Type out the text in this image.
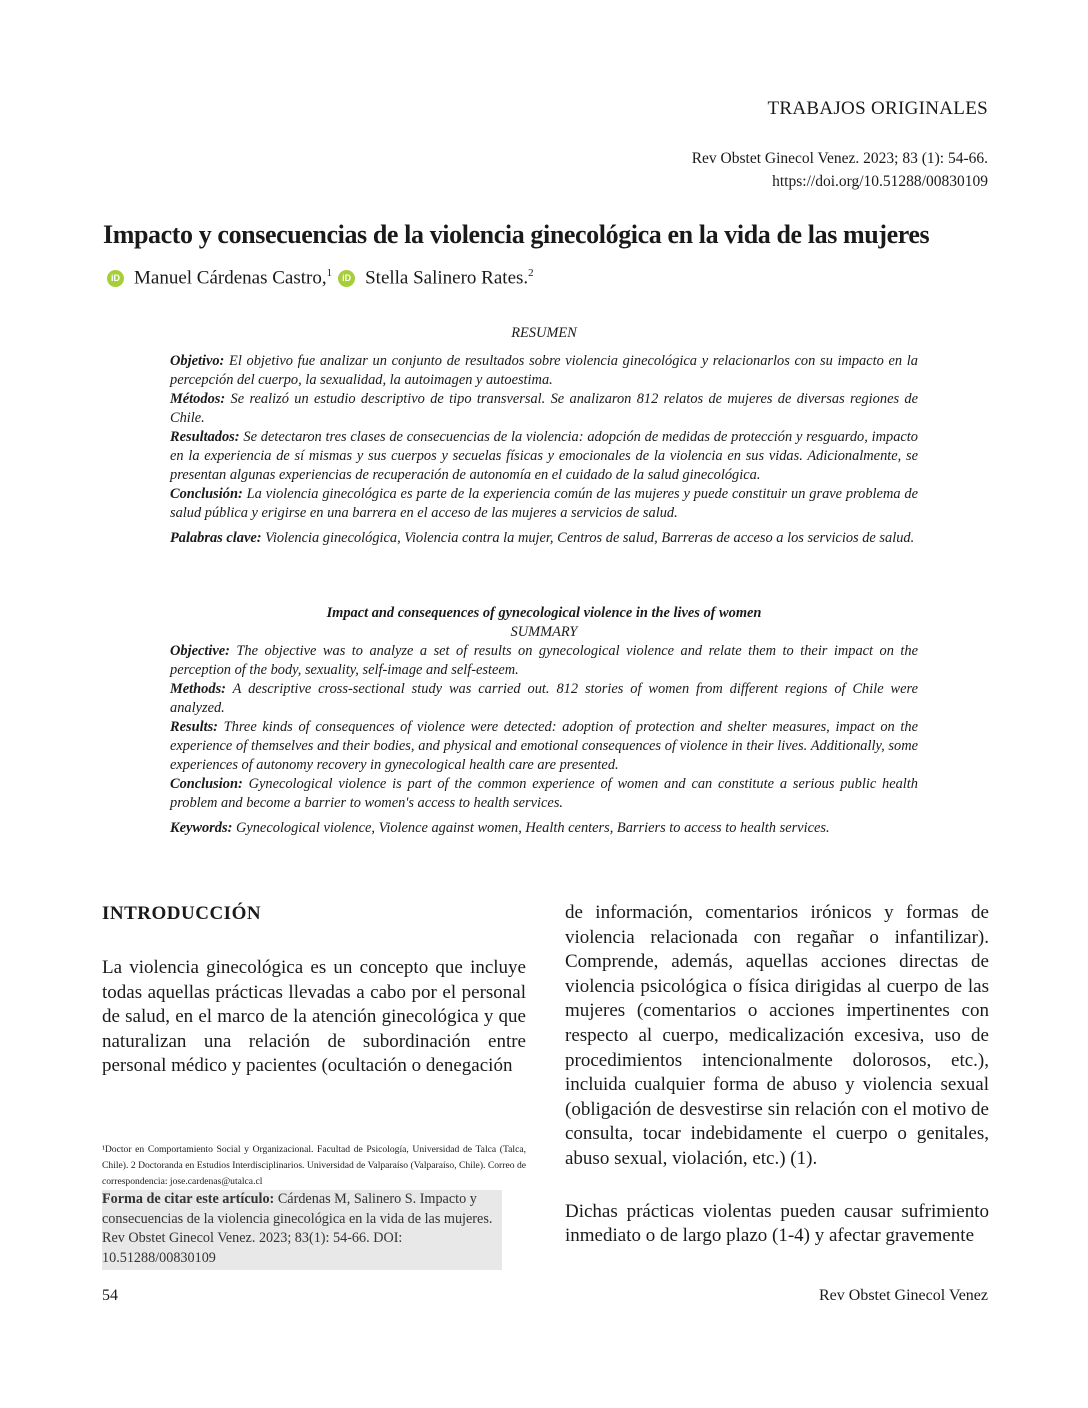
TRABAJOS ORIGINALES
Rev Obstet Ginecol Venez. 2023; 83 (1): 54-66.
https://doi.org/10.51288/00830109
Impacto y consecuencias de la violencia ginecológica en la vida de las mujeres
iD Manuel Cárdenas Castro,$^1$	iD Stella Salinero Rates.$^2$

RESUMEN

Objetivo: El objetivo fue analizar un conjunto de resultados sobre violencia ginecológica y relacionarlos con su impacto en la percepción del cuerpo, la sexualidad, la autoimagen y autoestima.

Métodos: Se realizó un estudio descriptivo de tipo transversal. Se analizaron 812 relatos de mujeres de diversas regiones de Chile.

Resultados: Se detectaron tres clases de consecuencias de la violencia: adopción de medidas de protección y resguardo, impacto en la experiencia de sí mismas y sus cuerpos y secuelas físicas y emocionales de la violencia en sus vidas. Adicionalmente, se presentan algunas experiencias de recuperación de autonomía en el cuidado de la salud ginecológica.

Conclusión: La violencia ginecológica es parte de la experiencia común de las mujeres y puede constituir un grave problema de salud pública y erigirse en una barrera en el acceso de las mujeres a servicios de salud.

Palabras clave: Violencia ginecológica, Violencia contra la mujer, Centros de salud, Barreras de acceso a los servicios de salud.

Impact and consequences of gynecological violence in the lives of women

SUMMARY

Objective: The objective was to analyze a set of results on gynecological violence and relate them to their impact on the perception of the body, sexuality, self-image and self-esteem.

Methods: A descriptive cross-sectional study was carried out. 812 stories of women from different regions of Chile were analyzed.

Results: Three kinds of consequences of violence were detected: adoption of protection and shelter measures, impact on the experience of themselves and their bodies, and physical and emotional consequences of violence in their lives. Additionally, some experiences of autonomy recovery in gynecological health care are presented.

Conclusion: Gynecological violence is part of the common experience of women and can constitute a serious public health problem and become a barrier to women's access to health services.

Keywords: Gynecological violence, Violence against women, Health centers, Barriers to access to health services.

INTRODUCCIÓN

La violencia ginecológica es un concepto que incluye todas aquellas prácticas llevadas a cabo por el personal de salud, en el marco de la atención ginecológica y que naturalizan una relación de subordinación entre personal médico y pacientes (ocultación o denegación

de información, comentarios irónicos y formas de violencia relacionada con regañar o infantilizar). Comprende, además, aquellas acciones directas de violencia psicológica o física dirigidas al cuerpo de las mujeres (comentarios o acciones impertinentes con respecto al cuerpo, medicalización excesiva, uso de procedimientos intencionalmente dolorosos, etc.), incluida cualquier forma de abuso y violencia sexual (obligación de desvestirse sin relación con el motivo de consulta, tocar indebidamente el cuerpo o genitales, abuso sexual, violación, etc.) (1).

Dichas prácticas violentas pueden causar sufrimiento inmediato o de largo plazo (1-4) y afectar gravemente

¹Doctor en Comportamiento Social y Organizacional. Facultad de Psicología, Universidad de Talca (Talca, Chile). 2 Doctoranda en Estudios Interdisciplinarios. Universidad de Valparaíso (Valparaíso, Chile). Correo de correspondencia: jose.cardenas@utalca.cl
Forma de citar este artículo: Cárdenas M, Salinero S. Impacto y consecuencias de la violencia ginecológica en la vida de las mujeres. Rev Obstet Ginecol Venez. 2023; 83(1): 54-66. DOI: 10.51288/00830109
54	Rev Obstet Ginecol Venez
